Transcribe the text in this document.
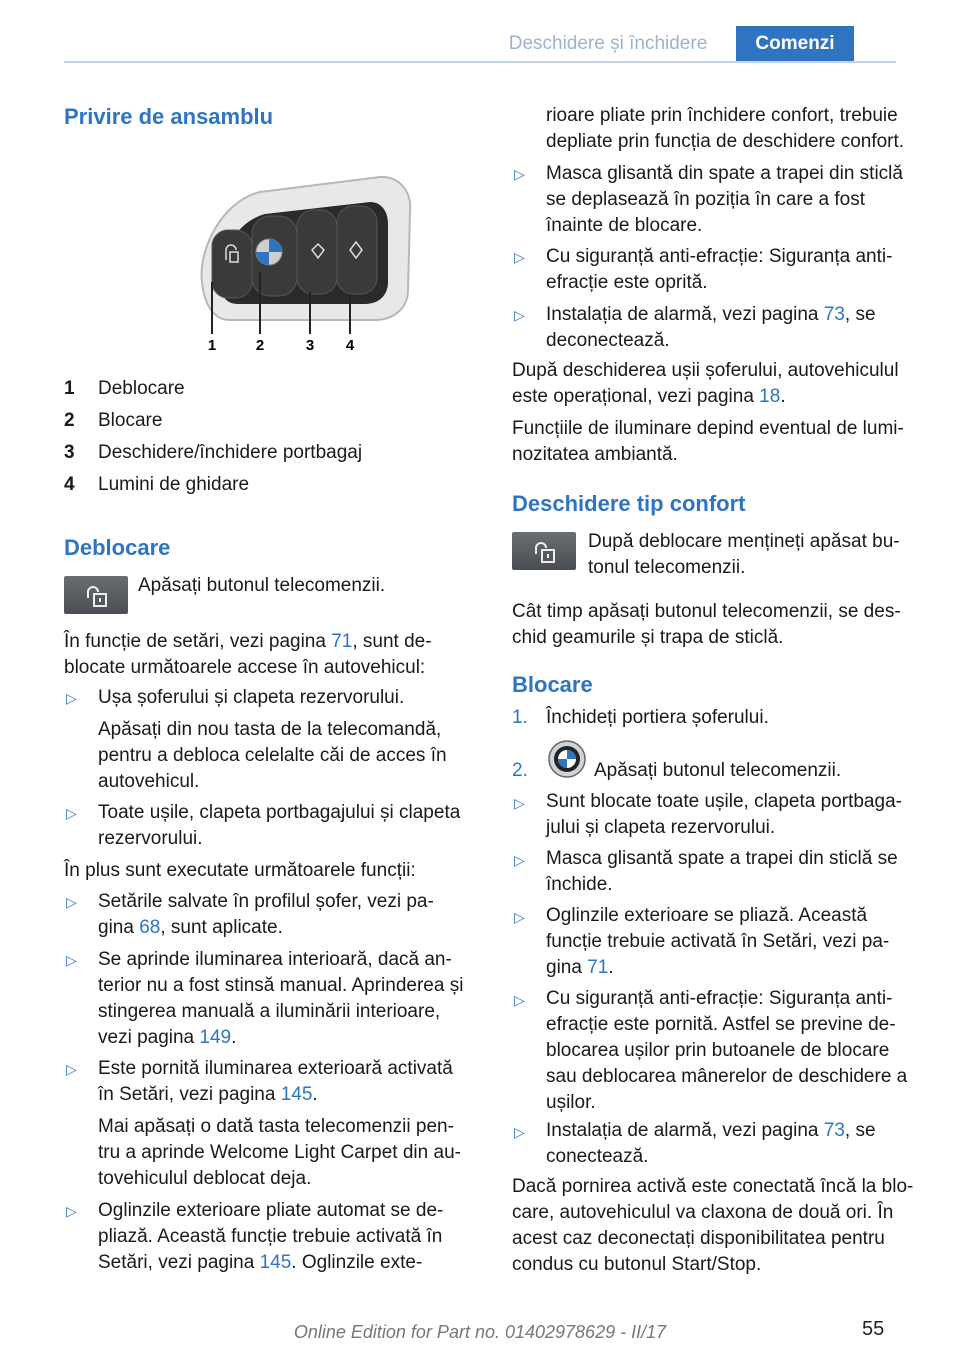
Deschidere și închidere	Comenzi
Privire de ansamblu
1	2	3 4
1 Deblocare
2 Blocare
3 Deschidere/închidere portbagaj
4 Lumini de ghidare
Deblocare
Apăsați butonul telecomenzii.
În funcție de setări, vezi pagina 71, sunt de-
blocate următoarele accese în autovehicul:
▷ Ușa șoferului și clapeta rezervorului.
Apăsați din nou tasta de la telecomandă,
pentru a debloca celelalte căi de acces în
autovehicul.
▷ Toate ușile, clapeta portbagajului și clapeta
rezervorului.
În plus sunt executate următoarele funcții:
▷ Setările salvate în profilul șofer, vezi pa-
gina 68, sunt aplicate.
▷ Se aprinde iluminarea interioară, dacă an-
terior nu a fost stinsă manual. Aprinderea și
stingerea manuală a iluminării interioare,
vezi pagina 149.
▷ Este pornită iluminarea exterioară activată
în Setări, vezi pagina 145.
Mai apăsați o dată tasta telecomenzii pen-
tru a aprinde Welcome Light Carpet din au-
tovehiculul deblocat deja.
▷ Oglinzile exterioare pliate automat se de-
pliază. Această funcție trebuie activată în
Setări, vezi pagina 145. Oglinzile exte-
rioare pliate prin închidere confort, trebuie
depliate prin funcția de deschidere confort.
▷ Masca glisantă din spate a trapei din sticlă
se deplasează în poziția în care a fost
înainte de blocare.
▷ Cu siguranță anti-efracție: Siguranța anti-
efracție este oprită.
▷ Instalația de alarmă, vezi pagina 73, se
deconectează.
După deschiderea ușii șoferului, autovehiculul
este operațional, vezi pagina 18.
Funcțiile de iluminare depind eventual de lumi-
nozitatea ambiantă.
Deschidere tip confort
După deblocare mențineți apăsat bu-
tonul telecomenzii.
Cât timp apăsați butonul telecomenzii, se des-
chid geamurile și trapa de sticlă.
Blocare
1. Închideți portiera șoferului.
2.	Apăsați butonul telecomenzii.
▷ Sunt blocate toate ușile, clapeta portbaga-
jului și clapeta rezervorului.
▷ Masca glisantă spate a trapei din sticlă se
închide.
▷ Oglinzile exterioare se pliază. Această
funcție trebuie activată în Setări, vezi pa-
gina 71.
▷ Cu siguranță anti-efracție: Siguranța anti-
efracție este pornită. Astfel se previne de-
blocarea ușilor prin butoanele de blocare
sau deblocarea mânerelor de deschidere a
ușilor.
▷ Instalația de alarmă, vezi pagina 73, se
conectează.
Dacă pornirea activă este conectată încă la blo-
care, autovehiculul va claxona de două ori. În
acest caz deconectați disponibilitatea pentru
condus cu butonul Start/Stop.
55
Online Edition for Part no. 01402978629 - II/17
